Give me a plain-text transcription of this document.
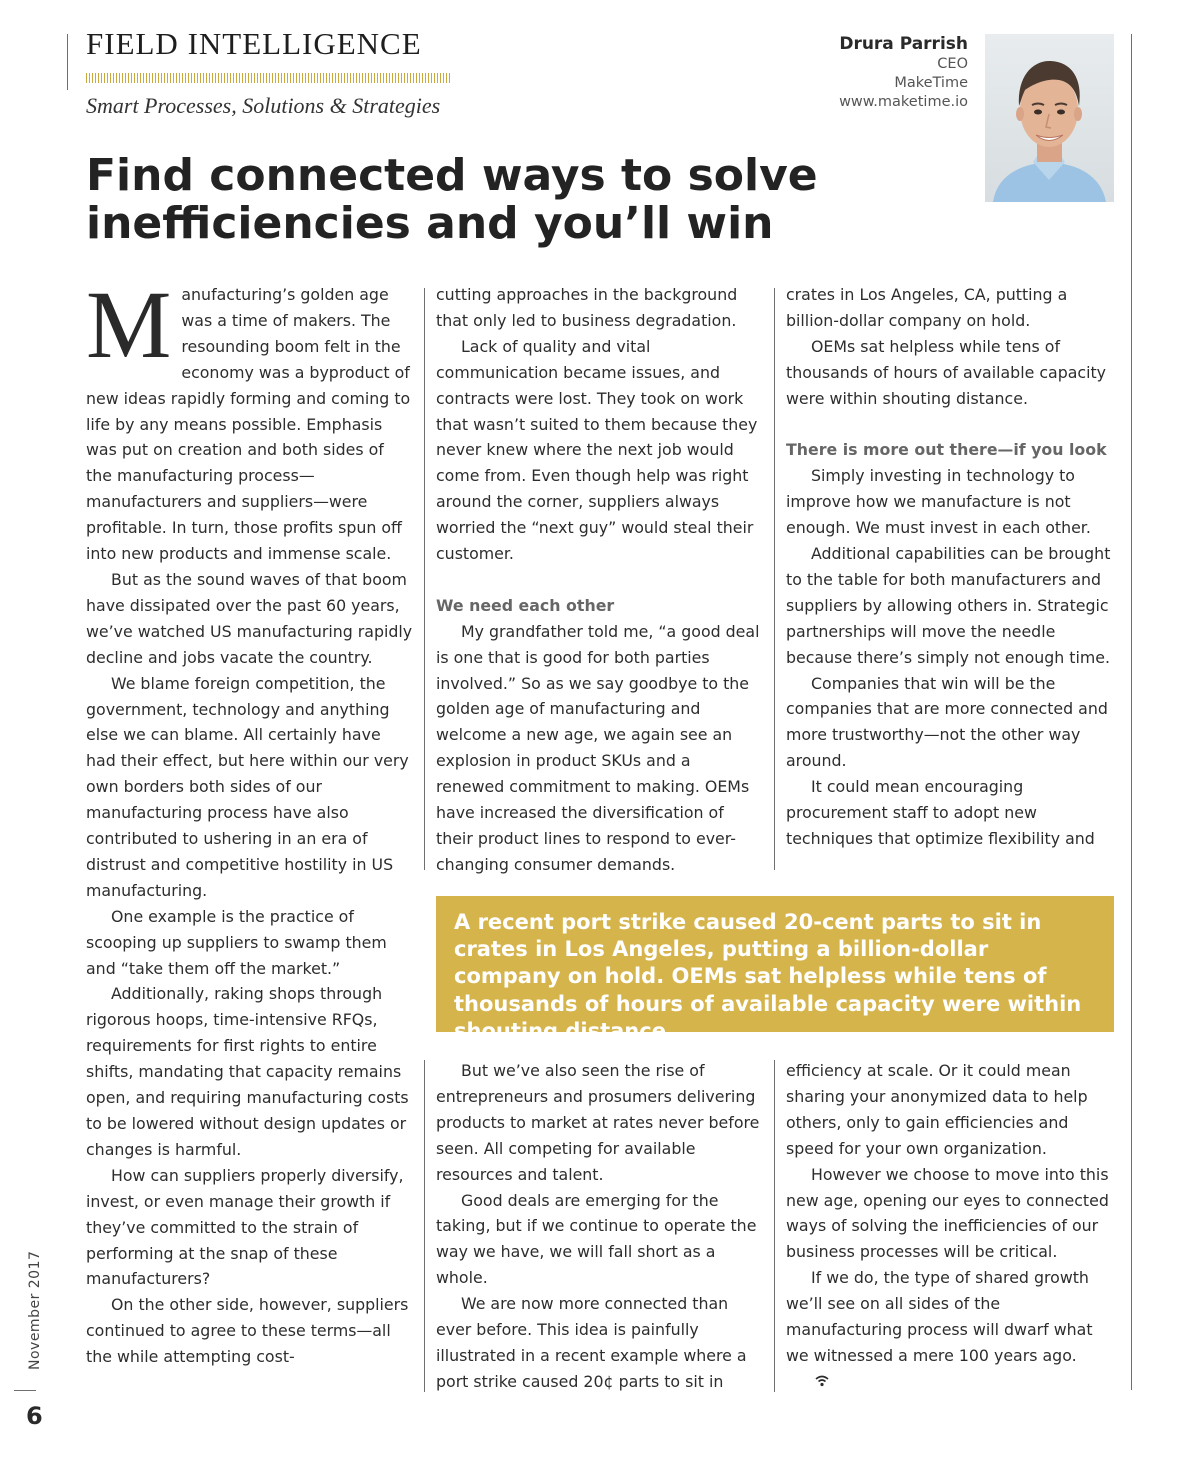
FIELD INTELLIGENCE
Smart Processes, Solutions & Strategies
Drura Parrish
CEO
MakeTime
www.maketime.io
Find connected ways to solve
inefficiencies and you’ll win
M anufacturing’s golden age was a time of makers. The resounding boom felt in the economy was a byproduct of new ideas rapidly forming and coming to life by any means possible. Emphasis was put on creation and both sides of the manufacturing process—manufacturers and suppliers—were profitable. In turn, those profits spun off into new products and immense scale.

But as the sound waves of that boom have dissipated over the past 60 years, we’ve watched US manufacturing rapidly decline and jobs vacate the country.

We blame foreign competition, the government, technology and anything else we can blame. All certainly have had their effect, but here within our very own borders both sides of our manufacturing process have also contributed to ushering in an era of distrust and competitive hostility in US manufacturing.

One example is the practice of scooping up suppliers to swamp them and “take them off the market.”

Additionally, raking shops through rigorous hoops, time-intensive RFQs, requirements for first rights to entire shifts, mandating that capacity remains open, and requiring manufacturing costs to be lowered without design updates or changes is harmful.

How can suppliers properly diversify, invest, or even manage their growth if they’ve committed to the strain of performing at the snap of these manufacturers?

On the other side, however, suppliers continued to agree to these terms—all the while attempting cost-

cutting approaches in the background that only led to business degradation.

Lack of quality and vital communication became issues, and contracts were lost. They took on work that wasn’t suited to them because they never knew where the next job would come from. Even though help was right around the corner, suppliers always worried the “next guy” would steal their customer.

We need each other

My grandfather told me, “a good deal is one that is good for both parties involved.” So as we say goodbye to the golden age of manufacturing and welcome a new age, we again see an explosion in product SKUs and a renewed commitment to making. OEMs have increased the diversification of their product lines to respond to ever-changing consumer demands.

crates in Los Angeles, CA, putting a billion-dollar company on hold.

OEMs sat helpless while tens of thousands of hours of available capacity were within shouting distance.

There is more out there—if you look

Simply investing in technology to improve how we manufacture is not enough. We must invest in each other.

Additional capabilities can be brought to the table for both manufacturers and suppliers by allowing others in. Strategic partnerships will move the needle because there’s simply not enough time.

Companies that win will be the companies that are more connected and more trustworthy—not the other way around.

It could mean encouraging procurement staff to adopt new techniques that optimize flexibility and

A recent port strike caused 20-cent parts to sit in crates in Los Angeles, putting a billion-dollar company on hold. OEMs sat helpless while tens of thousands of hours of available capacity were within shouting distance.

But we’ve also seen the rise of entrepreneurs and prosumers delivering products to market at rates never before seen. All competing for available resources and talent.

Good deals are emerging for the taking, but if we continue to operate the way we have, we will fall short as a whole.

We are now more connected than ever before. This idea is painfully illustrated in a recent example where a port strike caused 20¢ parts to sit in

efficiency at scale. Or it could mean sharing your anonymized data to help others, only to gain efficiencies and speed for your own organization.

However we choose to move into this new age, opening our eyes to connected ways of solving the inefficiencies of our business processes will be critical.

If we do, the type of shared growth we’ll see on all sides of the manufacturing process will dwarf what we witnessed a mere 100 years ago.

November 2017
6
